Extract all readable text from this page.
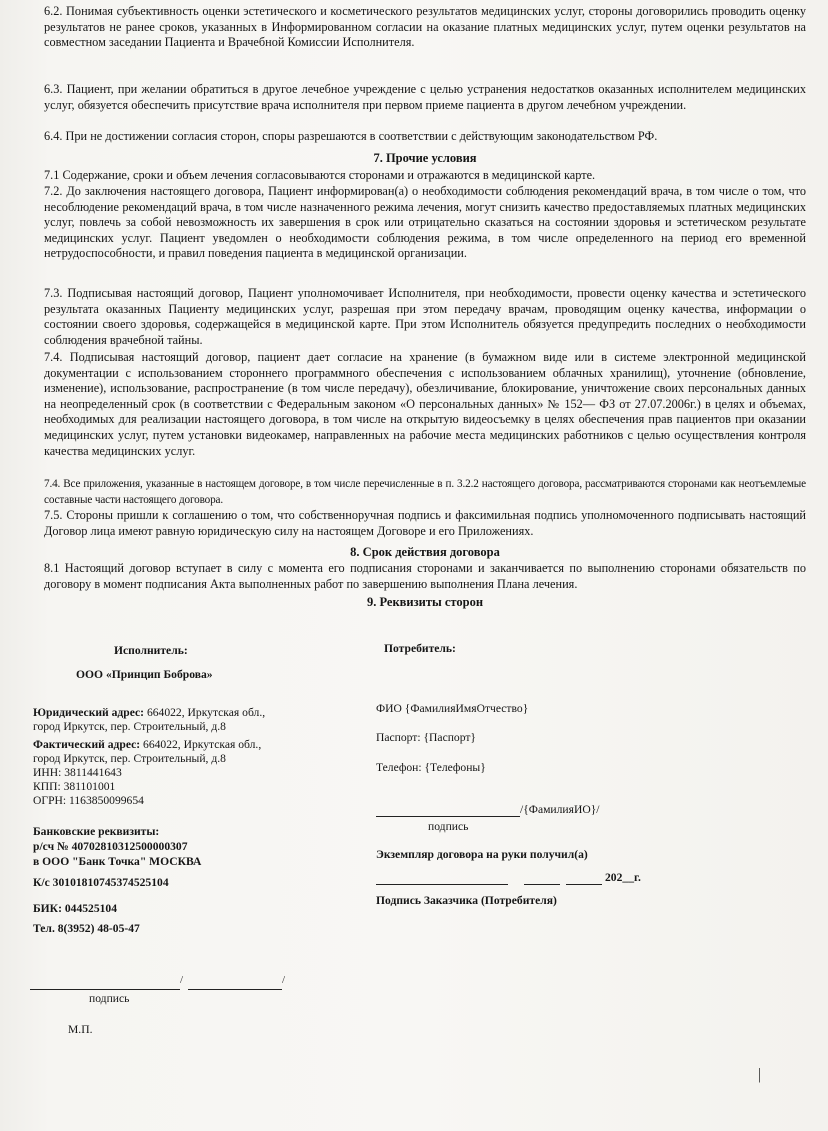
6.2. Понимая субъективность оценки эстетического и косметического результатов медицинских услуг, стороны договорились проводить оценку результатов не ранее сроков, указанных в Информированном согласии на оказание платных медицинских услуг, путем оценки результатов на совместном заседании Пациента и Врачебной Комиссии Исполнителя.

6.3. Пациент, при желании обратиться в другое лечебное учреждение с целью устранения недостатков оказанных исполнителем медицинских услуг, обязуется обеспечить присутствие врача исполнителя при первом приеме пациента в другом лечебном учреждении.

6.4. При не достижении согласия сторон, споры разрешаются в соответствии с действующим законодательством РФ.

7. Прочие условия

7.1 Содержание, сроки и объем лечения согласовываются сторонами и отражаются в медицинской карте.

7.2. До заключения настоящего договора, Пациент информирован(а) о необходимости соблюдения рекомендаций врача, в том числе о том, что несоблюдение рекомендаций врача, в том числе назначенного режима лечения, могут снизить качество предоставляемых платных медицинских услуг, повлечь за собой невозможность их завершения в срок или отрицательно сказаться на состоянии здоровья и эстетическом результате медицинских услуг. Пациент уведомлен о необходимости соблюдения режима, в том числе определенного на период его временной нетрудоспособности, и правил поведения пациента в медицинской организации.

7.3. Подписывая настоящий договор, Пациент уполномочивает Исполнителя, при необходимости, провести оценку качества и эстетического результата оказанных Пациенту медицинских услуг, разрешая при этом передачу врачам, проводящим оценку качества, информации о состоянии своего здоровья, содержащейся в медицинской карте. При этом Исполнитель обязуется предупредить последних о необходимости соблюдения врачебной тайны.

7.4. Подписывая настоящий договор, пациент дает согласие на хранение (в бумажном виде или в системе электронной медицинской документации с использованием стороннего программного обеспечения с использованием облачных хранилищ), уточнение (обновление, изменение), использование, распространение (в том числе передачу), обезличивание, блокирование, уничтожение своих персональных данных на неопределенный срок (в соответствии с Федеральным законом «О персональных данных» № 152— ФЗ от 27.07.2006г.) в целях и объемах, необходимых для реализации настоящего договора, в том числе на открытую видеосъемку в целях обеспечения прав пациентов при оказании медицинских услуг, путем установки видеокамер, направленных на рабочие места медицинских работников с целью осуществления контроля качества медицинских услуг.

7.4. Все приложения, указанные в настоящем договоре, в том числе перечисленные в п. 3.2.2 настоящего договора, рассматриваются сторонами как неотъемлемые составные части настоящего договора.

7.5. Стороны пришли к соглашению о том, что собственноручная подпись и факсимильная подпись уполномоченного подписывать настоящий Договор лица имеют равную юридическую силу на настоящем Договоре и его Приложениях.

8. Срок действия договора

8.1 Настоящий договор вступает в силу с момента его подписания сторонами и заканчивается по выполнению сторонами обязательств по договору в момент подписания Акта выполненных работ по завершению выполнения Плана лечения.

9. Реквизиты сторон
Исполнитель:
ООО «Принцип Боброва»
Юридический адрес: 664022, Иркутская обл.,
город Иркутск, пер. Строительный, д.8
Фактический адрес: 664022, Иркутская обл.,
город Иркутск, пер. Строительный, д.8
ИНН: 3811441643
КПП: 381101001
ОГРН: 1163850099654
Банковские реквизиты:
р/сч № 40702810312500000307
в ООО "Банк Точка" МОСКВА
К/с 30101810745374525104
БИК: 044525104
Тел. 8(3952) 48-05-47
/	/
подпись
М.П.
Потребитель:
ФИО {ФамилияИмяОтчество}
Паспорт: {Паспорт}
Телефон: {Телефоны}
/{ФамилияИО}/
подпись
Экземпляр договора на руки получил(а)
202__г.
Подпись Заказчика (Потребителя)
|
